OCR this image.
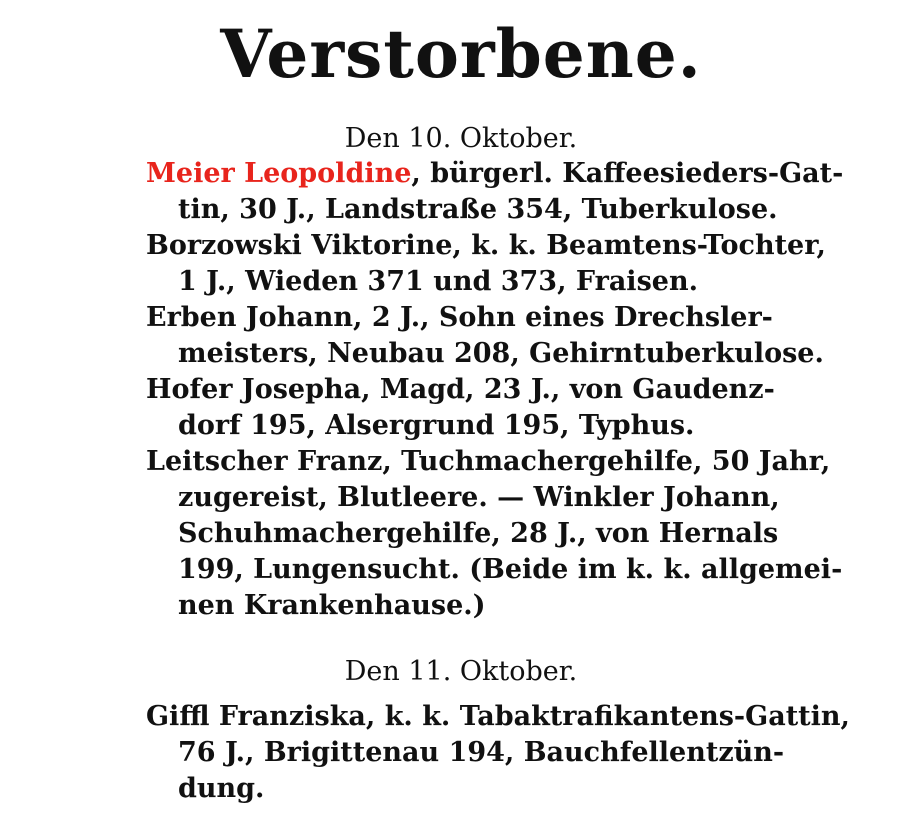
Verstorbene.
Den 10. Oktober.
Meier Leopoldine, bürgerl. Kaffeesieders-Gat-
tin, 30 J., Landstraße 354, Tuberkulose.
Borzowski Viktorine, k. k. Beamtens-Tochter,
1 J., Wieden 371 und 373, Fraisen.
Erben Johann, 2 J., Sohn eines Drechsler-
meisters, Neubau 208, Gehirntuberkulose.
Hofer Josepha, Magd, 23 J., von Gaudenz-
dorf 195, Alsergrund 195, Typhus.
Leitscher Franz, Tuchmachergehilfe, 50 Jahr,
zugereist, Blutleere. — Winkler Johann,
Schuhmachergehilfe, 28 J., von Hernals
199, Lungensucht. (Beide im k. k. allgemei-
nen Krankenhause.)
Den 11. Oktober.
Giffl Franziska, k. k. Tabaktrafikantens-Gattin,
76 J., Brigittenau 194, Bauchfellentzün-
dung.
